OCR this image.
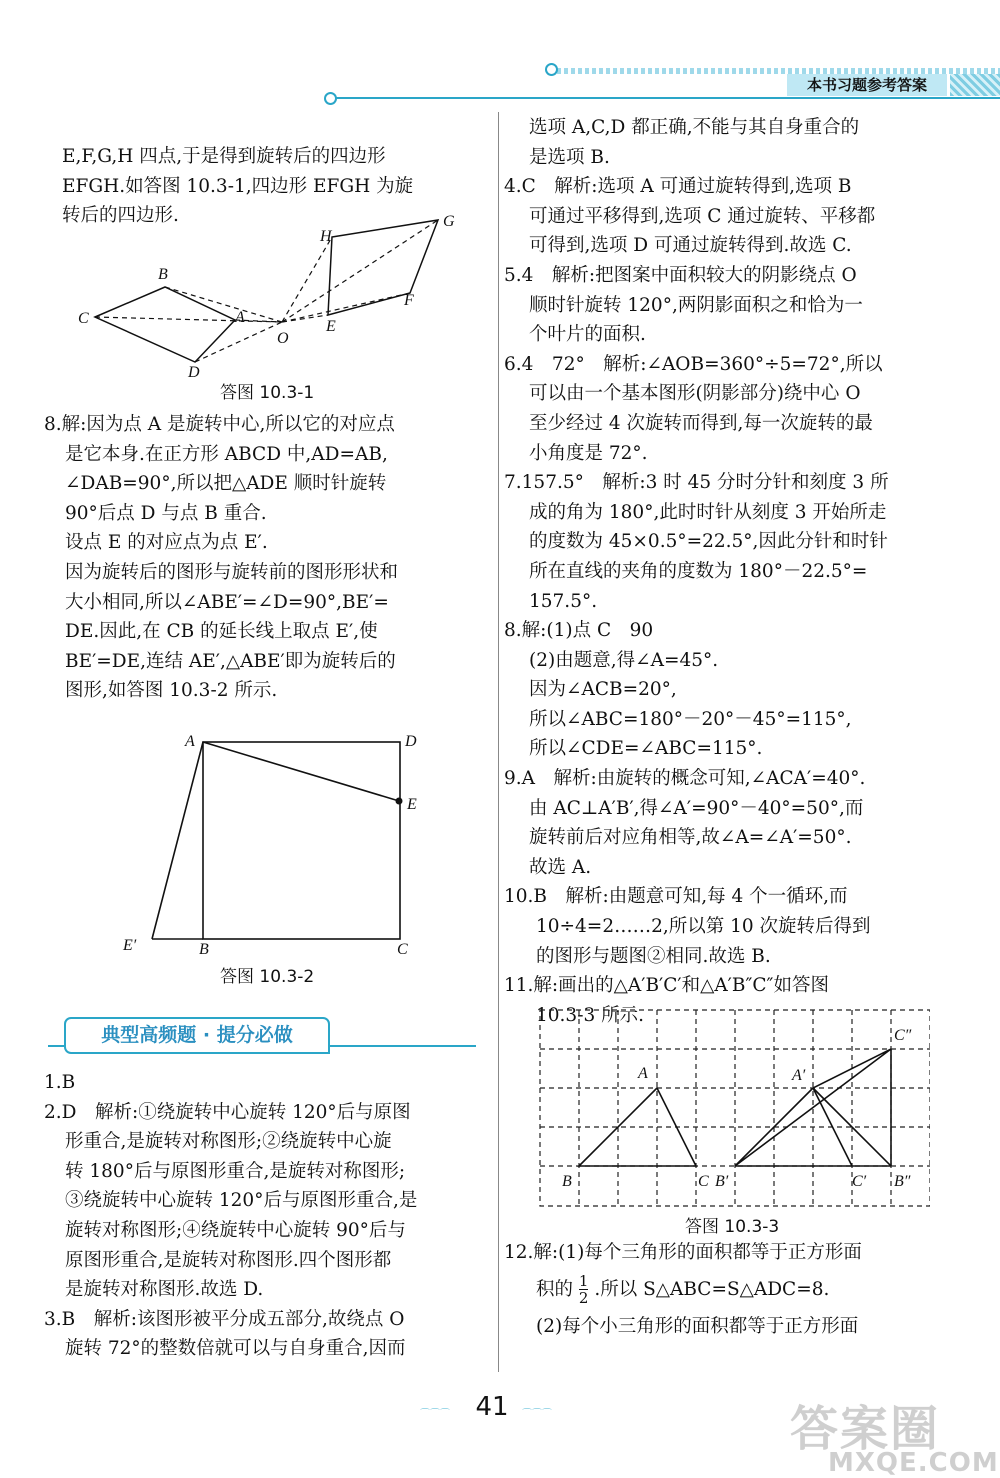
本书习题参考答案

E,F,G,H 四点,于是得到旋转后的四边形

EFGH.如答图 10.3-1,四边形 EFGH 为旋

转后的四边形.

B
C	A
D
O
H
G
E
F
答图 10.3-1

8.解:因为点 A 是旋转中心,所以它的对应点

是它本身.在正方形 ABCD 中,AD=AB,

∠DAB=90°,所以把△ADE 顺时针旋转

90°后点 D 与点 B 重合.

设点 E 的对应点为点 E′.

因为旋转后的图形与旋转前的图形形状和

大小相同,所以∠ABE′=∠D=90°,BE′=

DE.因此,在 CB 的延长线上取点 E′,使

BE′=DE,连结 AE′,△ABE′即为旋转后的

图形,如答图 10.3-2 所示.

A	D
E
E′	B	C
答图 10.3-2
典型高频题 · 提分必做

1.B

2.D　解析:①绕旋转中心旋转 120°后与原图

形重合,是旋转对称图形;②绕旋转中心旋

转 180°后与原图形重合,是旋转对称图形;

③绕旋转中心旋转 120°后与原图形重合,是

旋转对称图形;④绕旋转中心旋转 90°后与

原图形重合,是旋转对称图形.四个图形都

是旋转对称图形.故选 D.

3.B　解析:该图形被平分成五部分,故绕点 O

旋转 72°的整数倍就可以与自身重合,因而

选项 A,C,D 都正确,不能与其自身重合的

是选项 B.

4.C　解析:选项 A 可通过旋转得到,选项 B

可通过平移得到,选项 C 通过旋转、平移都

可得到,选项 D 可通过旋转得到.故选 C.

5.4　解析:把图案中面积较大的阴影绕点 O

顺时针旋转 120°,两阴影面积之和恰为一

个叶片的面积.

6.4　72°　解析:∠AOB=360°÷5=72°,所以

可以由一个基本图形(阴影部分)绕中心 O

至少经过 4 次旋转而得到,每一次旋转的最

小角度是 72°.

7.157.5°　解析:3 时 45 分时分针和刻度 3 所

成的角为 180°,此时时针从刻度 3 开始所走

的度数为 45×0.5°=22.5°,因此分针和时针

所在直线的夹角的度数为 180°－22.5°=

157.5°.

8.解:(1)点 C　90

(2)由题意,得∠A=45°.

因为∠ACB=20°,

所以∠ABC=180°－20°－45°=115°,

所以∠CDE=∠ABC=115°.

9.A　解析:由旋转的概念可知,∠ACA′=40°.

由 AC⊥A′B′,得∠A′=90°－40°=50°,而

旋转前后对应角相等,故∠A=∠A′=50°.

故选 A.

10.B　解析:由题意可知,每 4 个一循环,而

10÷4=2……2,所以第 10 次旋转后得到

的图形与题图②相同.故选 B.

11.解:画出的△A′B′C′和△A′B″C″如答图

10.3-3 所示.

A
B	C
A′
B′	C′ B″
C″
答图 10.3-3

12.解:(1)每个三角形的面积都等于正方形面

积的 $\frac{1}{2}$ .所以 S△ABC=S△ADC=8.

(2)每个小三角形的面积都等于正方形面

⌒⌒⌒ 41	⌒⌒⌒	答案圈
MXQE.COM
